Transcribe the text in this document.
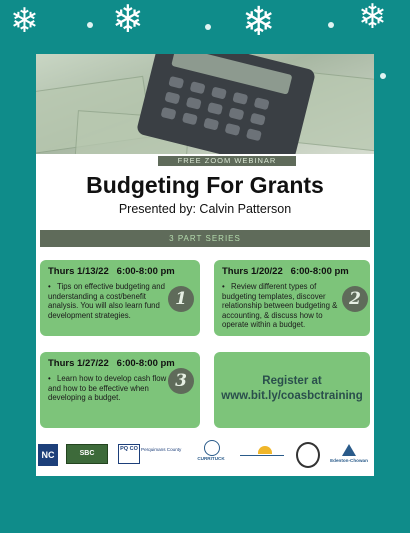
❄ ❄ ❄ ❄
FREE ZOOM WEBINAR
Budgeting For Grants
Presented by: Calvin Patterson
3 PART SERIES
Thurs 1/13/22 6:00-8:00 pm
• Tips on effective budgeting and understanding a cost/benefit analysis. You will also learn fund development strategies.
1
Thurs 1/20/22 6:00-8:00 pm
• Review different types of budgeting templates, discover relationship between budgeting & accounting, & discuss how to operate within a budget.
2
Thurs 1/27/22 6:00-8:00 pm
• Learn how to develop cash flow and how to be effective when developing a budget.
3	Register at
www.bit.ly/coasbctraining
NC	SBC
PQ CO Perquimans County
CURRITUCK	Edenton-Chowan
